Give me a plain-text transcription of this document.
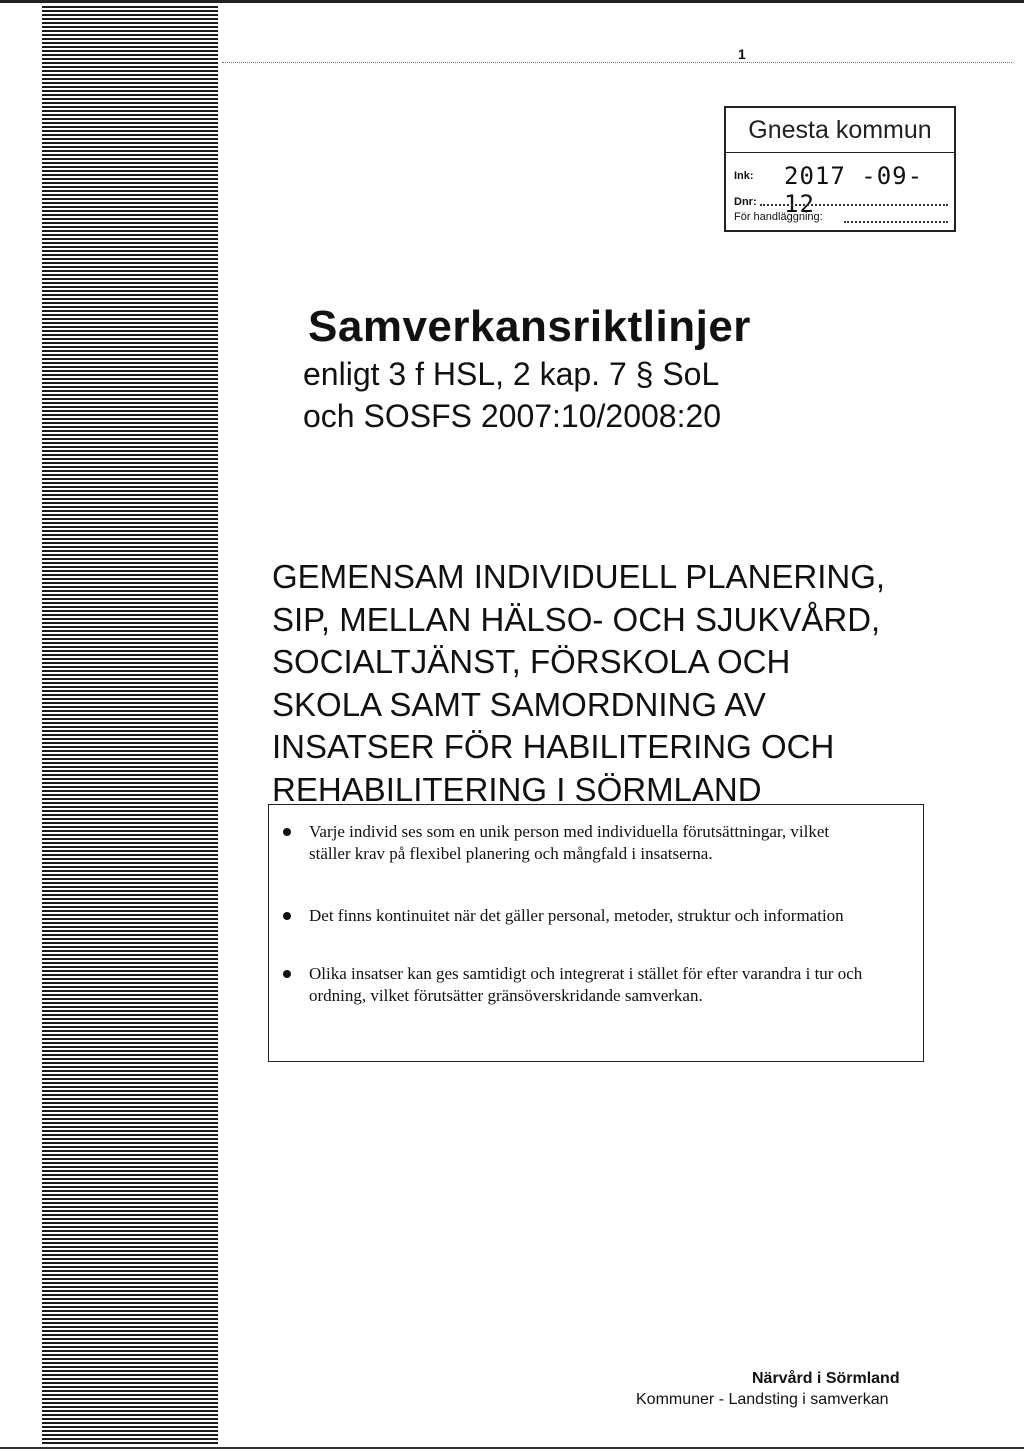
1
Gnesta kommun
Ink: 2017 -09- 12
Dnr:
För handläggning:
Samverkansriktlinjer

enligt 3 f HSL, 2 kap. 7 § SoL

och SOSFS 2007:10/2008:20

GEMENSAM INDIVIDUELL PLANERING,
SIP, MELLAN HÄLSO- OCH SJUKVÅRD,
SOCIALTJÄNST, FÖRSKOLA OCH
SKOLA SAMT SAMORDNING AV
INSATSER FÖR HABILITERING OCH
REHABILITERING I SÖRMLAND
Varje individ ses som en unik person med individuella förutsättningar, vilket ställer krav på flexibel planering och mångfald i insatserna.
Det finns kontinuitet när det gäller personal, metoder, struktur och information
Olika insatser kan ges samtidigt och integrerat i stället för efter varandra i tur och ordning, vilket förutsätter gränsöverskridande samverkan.
Närvård i Sörmland
Kommuner - Landsting i samverkan
